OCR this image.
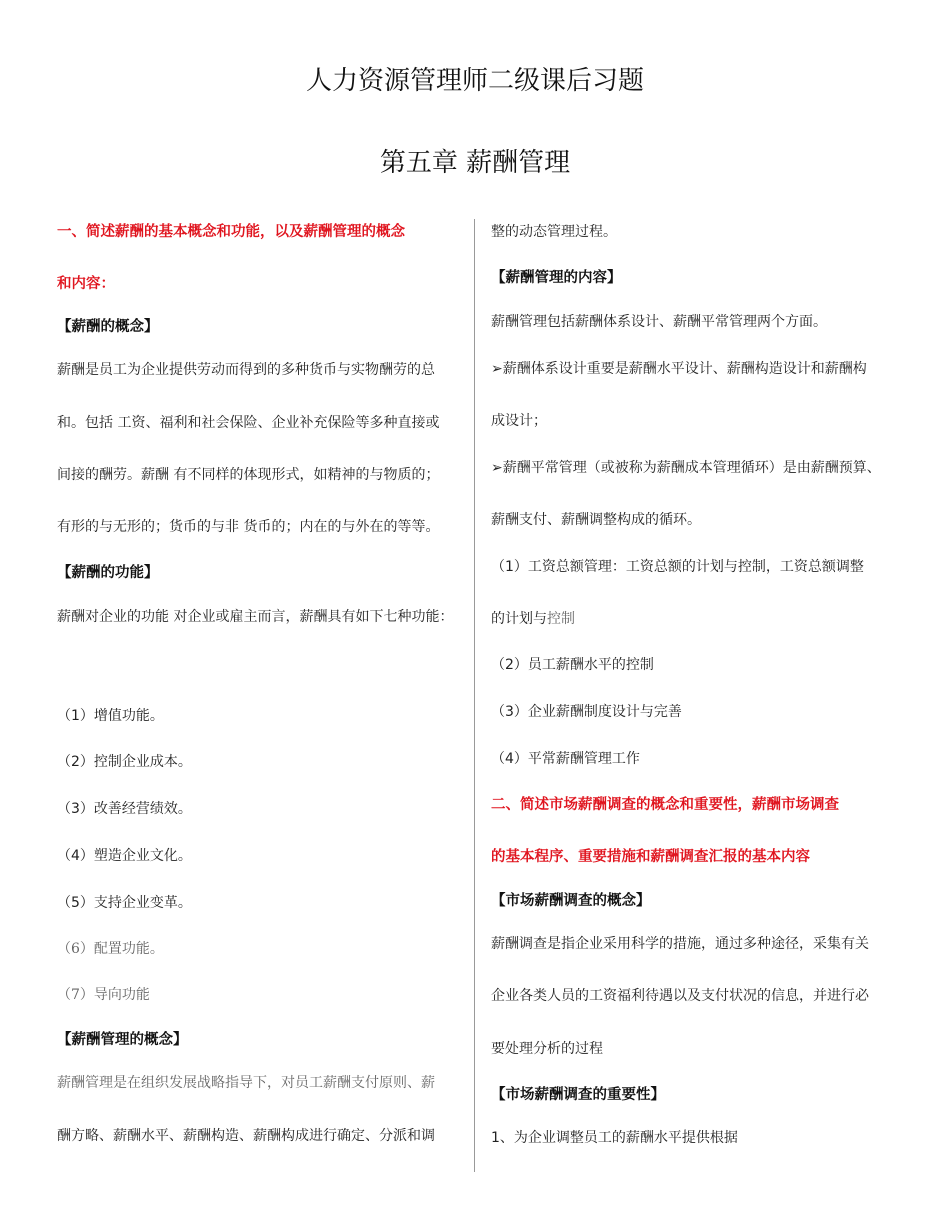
人力资源管理师二级课后习题
第五章 薪酬管理
一、简述薪酬的基本概念和功能，以及薪酬管理的概念
和内容：
【薪酬的概念】
薪酬是员工为企业提供劳动而得到的多种货币与实物酬劳的总
和。包括 工资、福利和社会保险、企业补充保险等多种直接或
间接的酬劳。薪酬 有不同样的体现形式，如精神的与物质的；
有形的与无形的；货币的与非 货币的；内在的与外在的等等。
【薪酬的功能】
薪酬对企业的功能 对企业或雇主而言，薪酬具有如下七种功能：
（1）增值功能。
（2）控制企业成本。
（3）改善经营绩效。
（4）塑造企业文化。
（5）支持企业变革。
（6）配置功能。
（7）导向功能
【薪酬管理的概念】
薪酬管理是在组织发展战略指导下，对员工薪酬支付原则、薪
酬方略、薪酬水平、薪酬构造、薪酬构成进行确定、分派和调
整的动态管理过程。
【薪酬管理的内容】
薪酬管理包括薪酬体系设计、薪酬平常管理两个方面。
➢薪酬体系设计重要是薪酬水平设计、薪酬构造设计和薪酬构
成设计；
➢薪酬平常管理（或被称为薪酬成本管理循环）是由薪酬预算、
薪酬支付、薪酬调整构成的循环。
（1）工资总额管理：工资总额的计划与控制，工资总额调整
的计划与控制
（2）员工薪酬水平的控制
（3）企业薪酬制度设计与完善
（4）平常薪酬管理工作
二、简述市场薪酬调查的概念和重要性，薪酬市场调查
的基本程序、重要措施和薪酬调查汇报的基本内容
【市场薪酬调查的概念】
薪酬调查是指企业采用科学的措施，通过多种途径，采集有关
企业各类人员的工资福利待遇以及支付状况的信息，并进行必
要处理分析的过程
【市场薪酬调查的重要性】
1、为企业调整员工的薪酬水平提供根据
